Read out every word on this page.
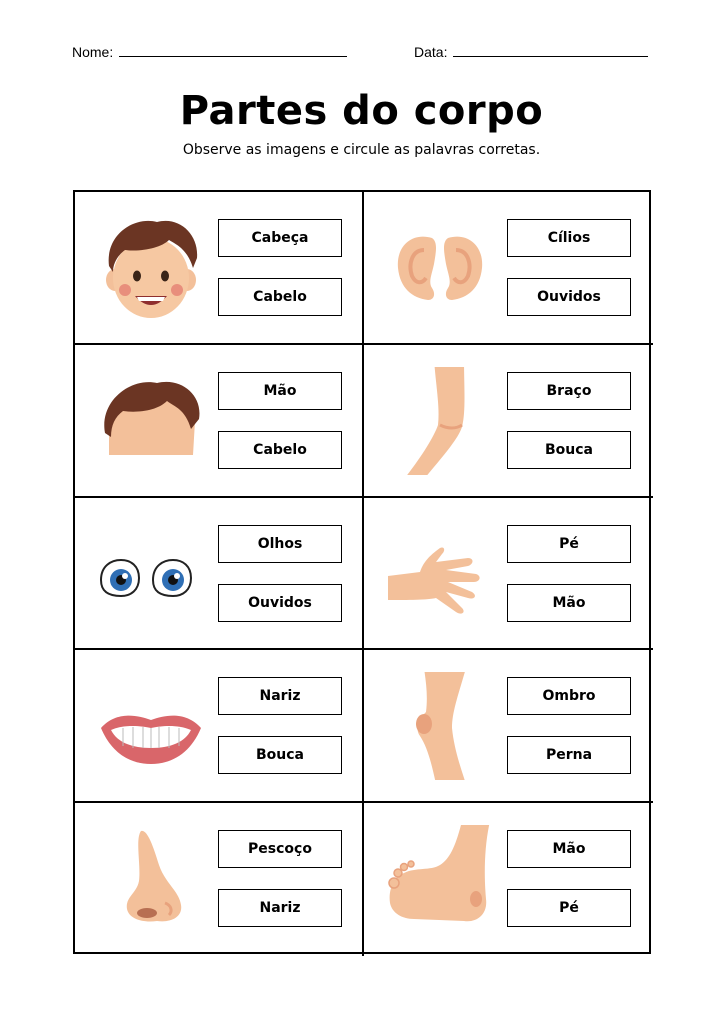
Nome:	Data:
Partes do corpo
Observe as imagens e circule as palavras corretas.
Cabeça
Cabelo
Cílios
Ouvidos
Mão
Cabelo
Braço
Bouca
Olhos
Ouvidos
Pé
Mão
Nariz
Bouca
Ombro
Perna
Pescoço
Nariz
Mão
Pé
